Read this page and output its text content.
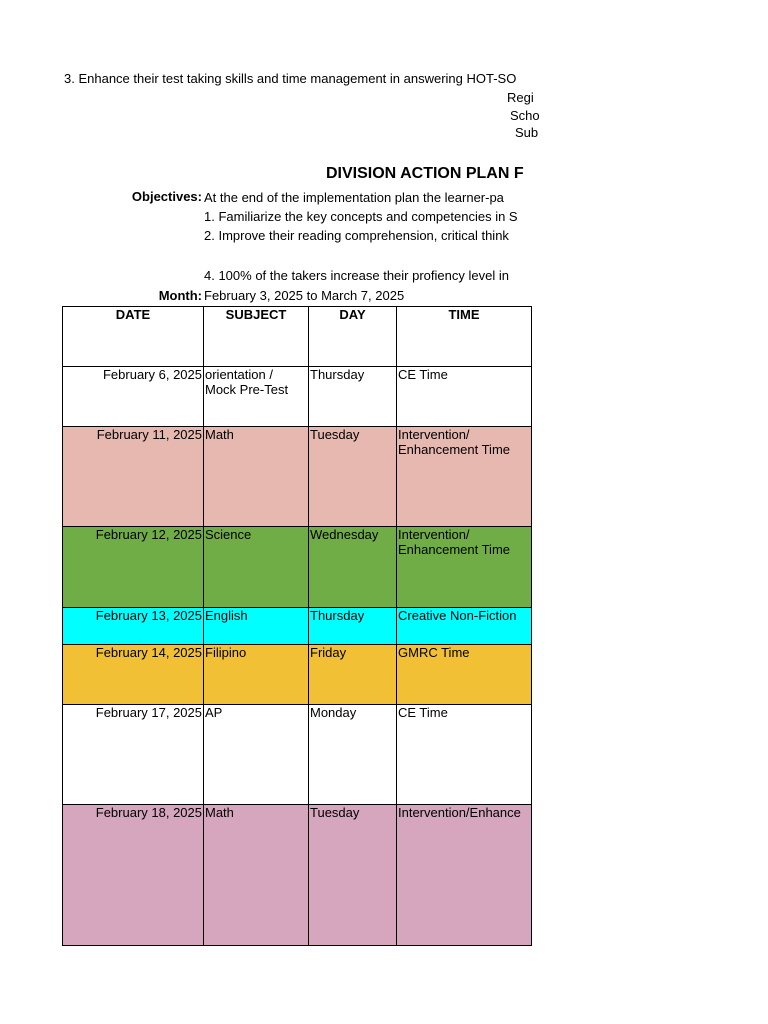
3. Enhance their test taking skills and time management in answering HOT-SO
Regi
Scho
Sub
DIVISION ACTION PLAN F
Objectives: At the end of the implementation plan the learner-pa
1. Familiarize the key concepts and competencies in S
2. Improve their reading comprehension, critical think
4. 100% of the takers increase their profiency level in
Month: February 3, 2025 to March 7, 2025
DATE	SUBJECT	DAY	TIME
February 6, 2025	orientation / Mock Pre-Test	Thursday	CE Time
February 11, 2025	Math	Tuesday	Intervention/ Enhancement Time

February 12, 2025	Science	Wednesday	Intervention/ Enhancement Time

February 13, 2025	English	Thursday	Creative Non-Fiction
February 14, 2025	Filipino	Friday	GMRC Time
February 17, 2025	AP	Monday	CE Time
February 18, 2025	Math	Tuesday	Intervention/Enhance
